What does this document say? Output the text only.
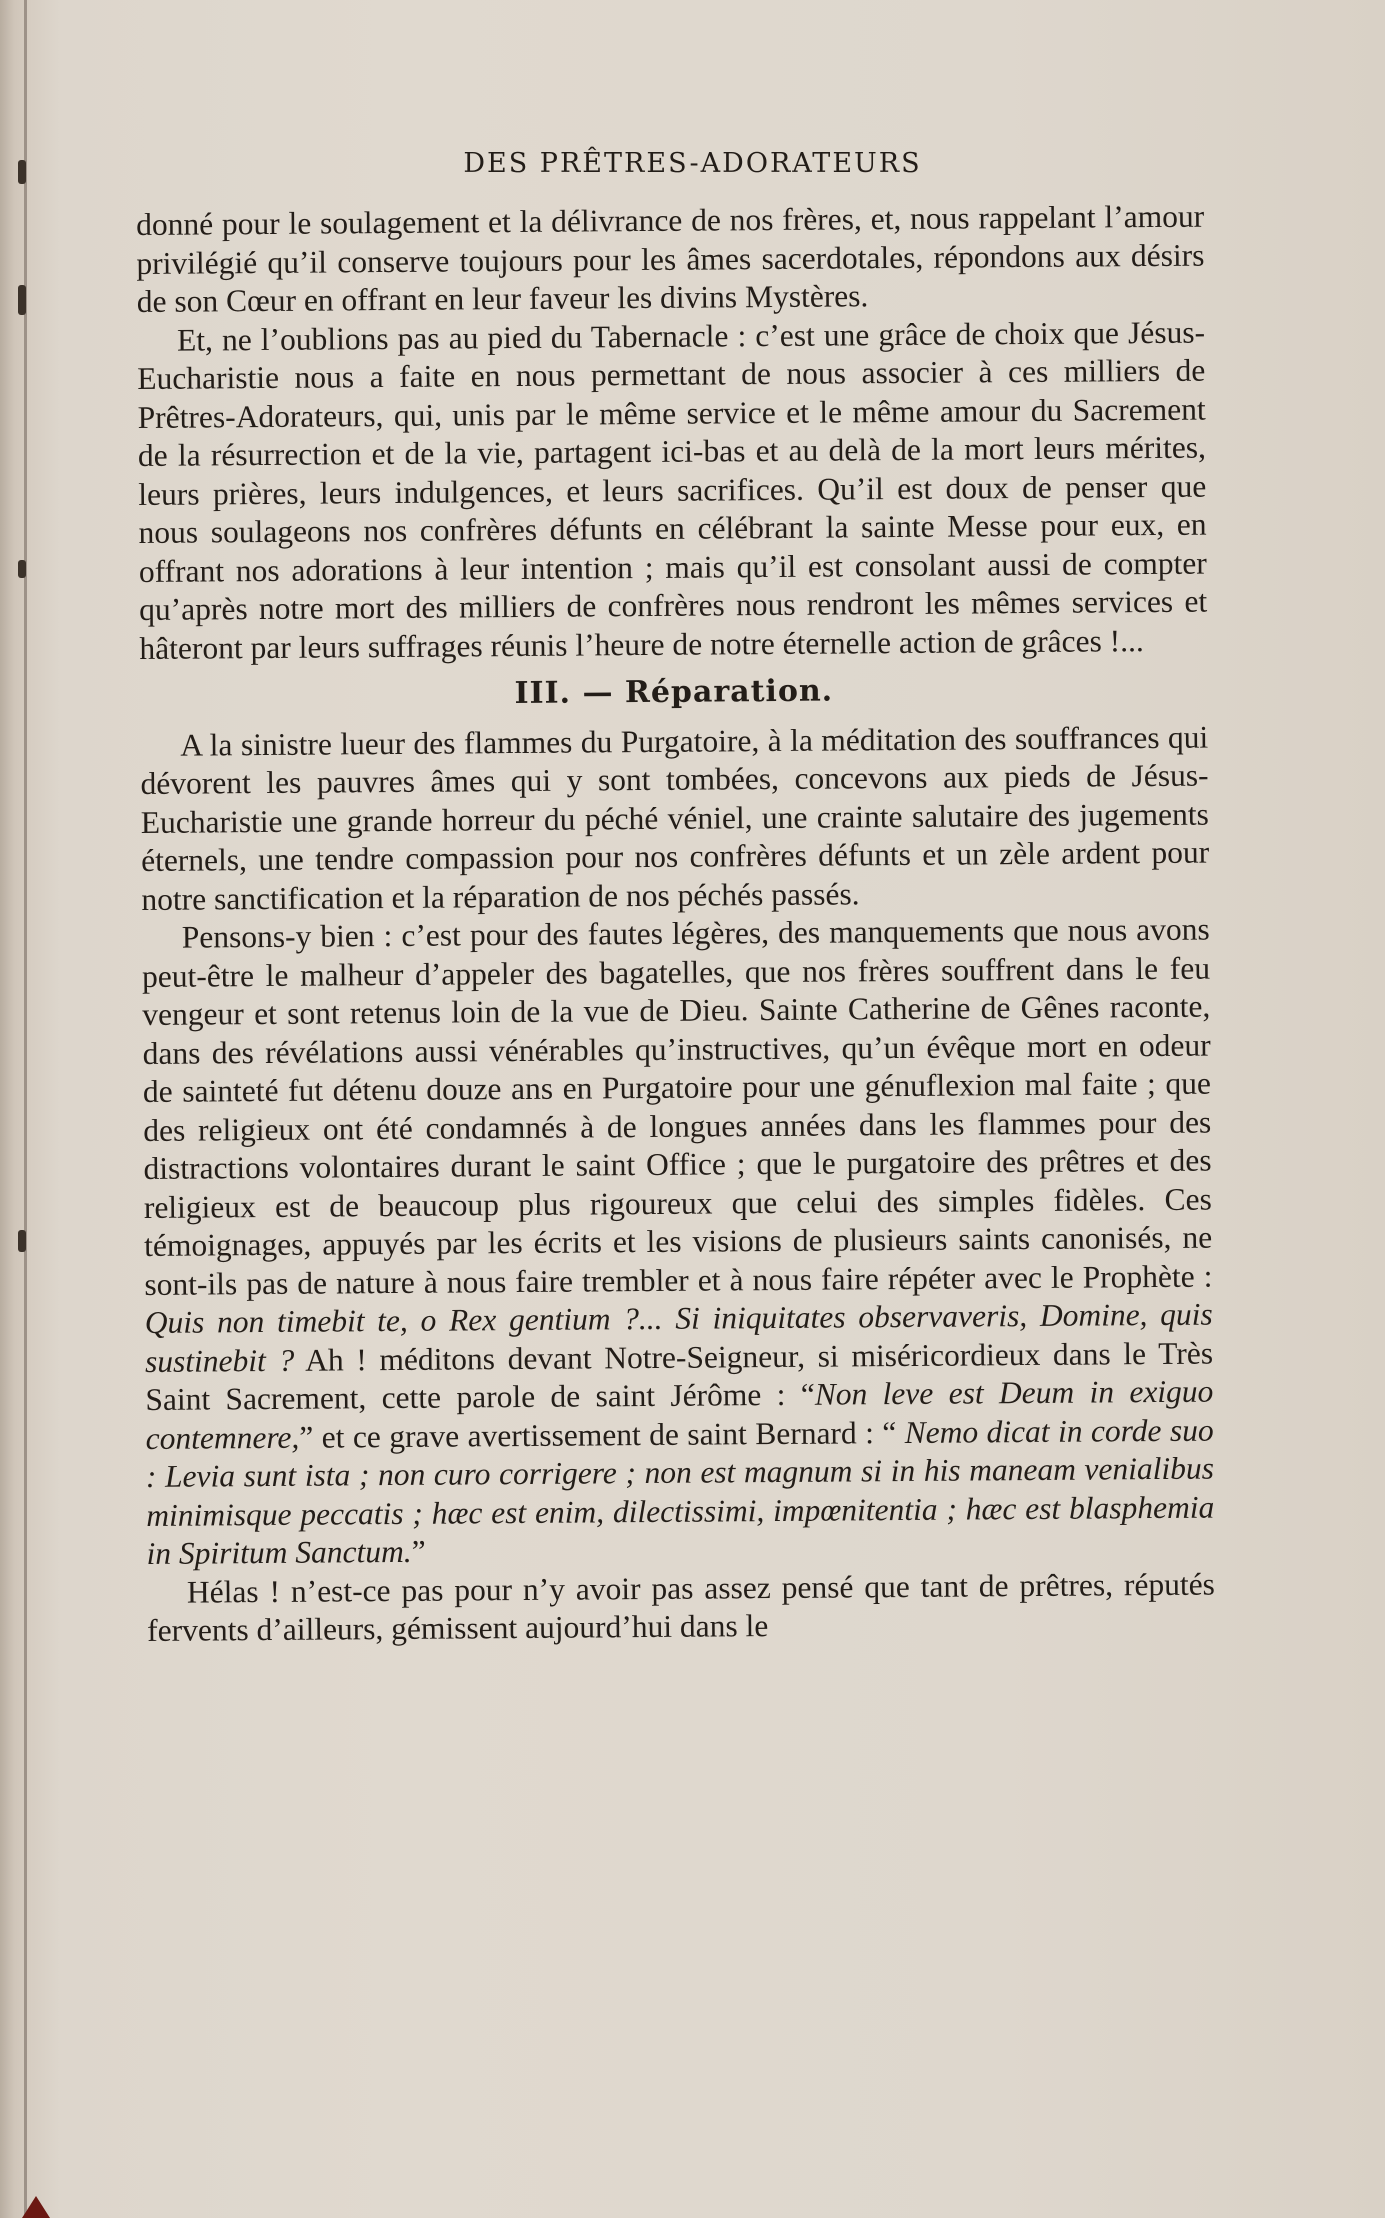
DES PRÊTRES-ADORATEURS

donné pour le soulagement et la délivrance de nos frères, et, nous rappelant l’amour privilégié qu’il conserve toujours pour les âmes sacerdotales, répondons aux désirs de son Cœur en offrant en leur faveur les divins Mystères.

Et, ne l’oublions pas au pied du Tabernacle : c’est une grâce de choix que Jésus-Eucharistie nous a faite en nous permettant de nous associer à ces milliers de Prêtres-Adorateurs, qui, unis par le même service et le même amour du Sacrement de la résurrection et de la vie, partagent ici-bas et au delà de la mort leurs mérites, leurs prières, leurs indulgences, et leurs sacrifices. Qu’il est doux de penser que nous soulageons nos confrères défunts en célébrant la sainte Messe pour eux, en offrant nos adorations à leur intention ; mais qu’il est consolant aussi de compter qu’après notre mort des milliers de confrères nous rendront les mêmes services et hâteront par leurs suffrages réunis l’heure de notre éternelle action de grâces !...

III. — Réparation.

A la sinistre lueur des flammes du Purgatoire, à la méditation des souffrances qui dévorent les pauvres âmes qui y sont tombées, concevons aux pieds de Jésus-Eucharistie une grande horreur du péché véniel, une crainte salutaire des jugements éternels, une tendre compassion pour nos confrères défunts et un zèle ardent pour notre sanctification et la réparation de nos péchés passés.

Pensons-y bien : c’est pour des fautes légères, des manquements que nous avons peut-être le malheur d’appeler des bagatelles, que nos frères souffrent dans le feu vengeur et sont retenus loin de la vue de Dieu. Sainte Catherine de Gênes raconte, dans des révélations aussi vénérables qu’instructives, qu’un évêque mort en odeur de sainteté fut détenu douze ans en Purgatoire pour une génuflexion mal faite ; que des religieux ont été condamnés à de longues années dans les flammes pour des distractions volontaires durant le saint Office ; que le purgatoire des prêtres et des religieux est de beaucoup plus rigoureux que celui des simples fidèles. Ces témoignages, appuyés par les écrits et les visions de plusieurs saints canonisés, ne sont-ils pas de nature à nous faire trembler et à nous faire répéter avec le Prophète : Quis non timebit te, o Rex gentium ?... Si iniquitates observaveris, Domine, quis sustinebit ? Ah ! méditons devant Notre-Seigneur, si miséricordieux dans le Très Saint Sacrement, cette parole de saint Jérôme : “Non leve est Deum in exiguo contemnere,” et ce grave avertissement de saint Bernard : “ Nemo dicat in corde suo : Levia sunt ista ; non curo corrigere ; non est magnum si in his maneam venialibus minimisque peccatis ; hæc est enim, dilectissimi, impœnitentia ; hæc est blasphemia in Spiritum Sanctum.”

Hélas ! n’est-ce pas pour n’y avoir pas assez pensé que tant de prêtres, réputés fervents d’ailleurs, gémissent aujourd’hui dans le
